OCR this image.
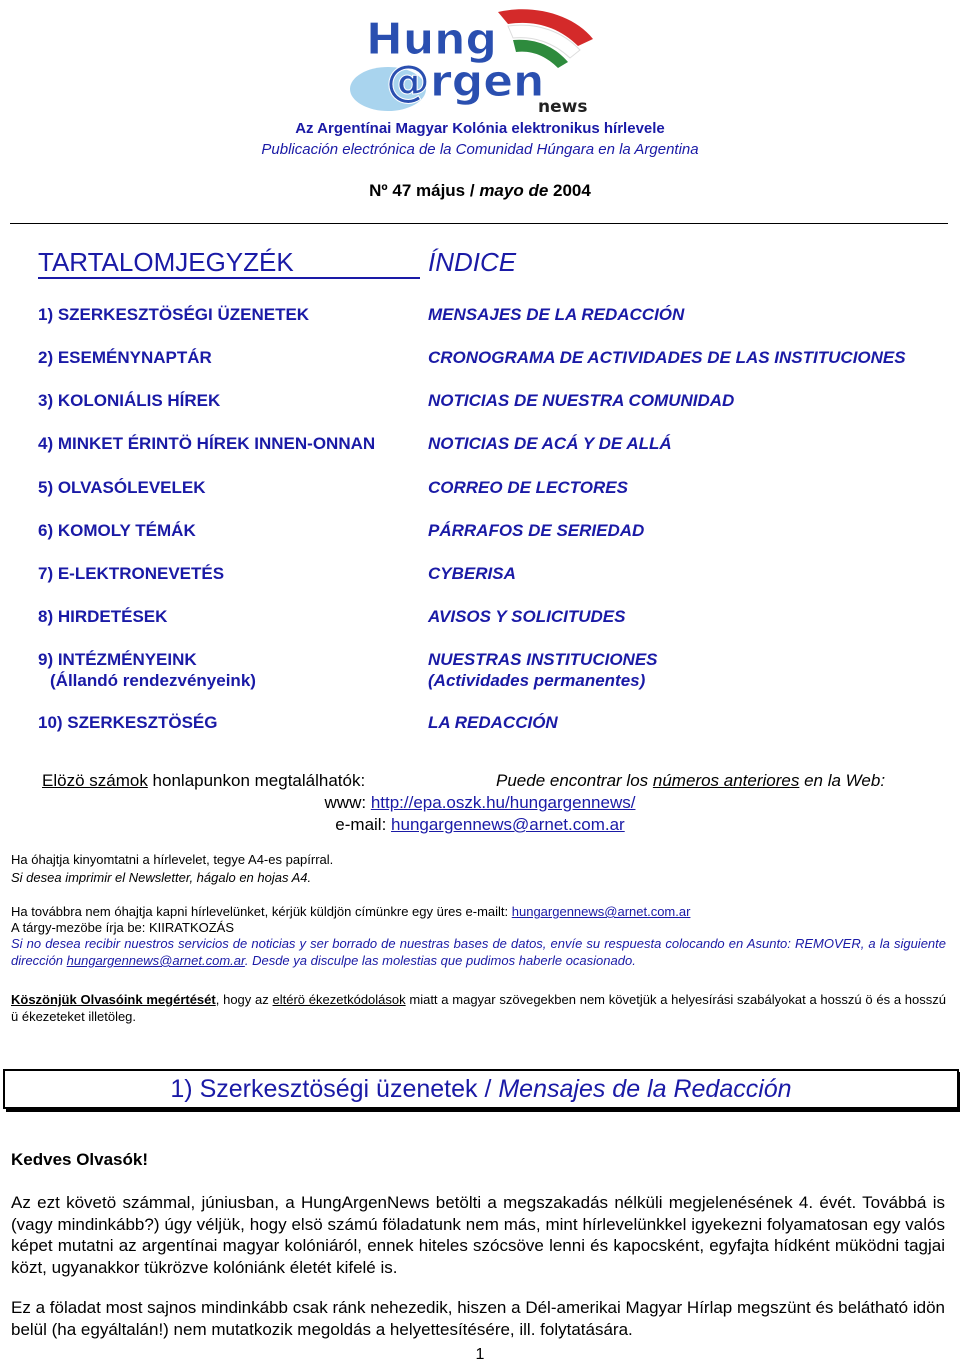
Hung
@rgen
news
Az Argentínai Magyar Kolónia elektronikus hírlevele
Publicación electrónica de la Comunidad Húngara en la Argentina
Nº 47 május / mayo de 2004
TARTALOMJEGYZÉK	ÍNDICE
1) SZERKESZTÖSÉGI ÜZENETEK	MENSAJES DE LA REDACCIÓN
2) ESEMÉNYNAPTÁR	CRONOGRAMA DE ACTIVIDADES DE LAS INSTITUCIONES
3) KOLONIÁLIS HÍREK	NOTICIAS DE NUESTRA COMUNIDAD
4) MINKET ÉRINTÖ HÍREK INNEN-ONNAN	NOTICIAS DE ACÁ Y DE ALLÁ
5) OLVASÓLEVELEK	CORREO DE LECTORES
6) KOMOLY TÉMÁK	PÁRRAFOS DE SERIEDAD
7) E-LEKTRONEVETÉS	CYBERISA
8) HIRDETÉSEK	AVISOS Y SOLICITUDES
9) INTÉZMÉNYEINK	NUESTRAS INSTITUCIONES
(Állandó rendezvényeink)	(Actividades permanentes)
10) SZERKESZTÖSÉG	LA REDACCIÓN
Elözö számok honlapunkon megtalálhatók:	Puede encontrar los números anteriores en la Web:
www: http://epa.oszk.hu/hungargennews/
e-mail: hungargennews@arnet.com.ar
Ha óhajtja kinyomtatni a hírlevelet, tegye A4-es papírral.
Si desea imprimir el Newsletter, hágalo en hojas A4.
Ha továbbra nem óhajtja kapni hírlevelünket, kérjük küldjön címünkre egy üres e-mailt: hungargennews@arnet.com.ar
A tárgy-mezöbe írja be: KIIRATKOZÁS
Si no desea recibir nuestros servicios de noticias y ser borrado de nuestras bases de datos, envíe su respuesta colocando en Asunto: REMOVER, a la siguiente dirección hungargennews@arnet.com.ar. Desde ya disculpe las molestias que pudimos haberle ocasionado.
Köszönjük Olvasóink megértését, hogy az eltérö ékezetkódolások miatt a magyar szövegekben nem követjük a helyesírási szabályokat a hosszú ö és a hosszú ü ékezeteket illetöleg.
1) Szerkesztöségi üzenetek / Mensajes de la Redacción
Kedves Olvasók!
Az ezt követö számmal, júniusban, a HungArgenNews betölti a megszakadás nélküli megjelenésének 4. évét. Továbbá is (vagy mindinkább?) úgy véljük, hogy elsö számú föladatunk nem más, mint hírlevelünkkel igyekezni folyamatosan egy valós képet mutatni az argentínai magyar kolóniáról, ennek hiteles szócsöve lenni és kapocsként, egyfajta hídként müködni tagjai közt, ugyanakkor tükrözve kolóniánk életét kifelé is.
Ez a föladat most sajnos mindinkább csak ránk nehezedik, hiszen a Dél-amerikai Magyar Hírlap megszünt és belátható idön belül (ha egyáltalán!) nem mutatkozik megoldás a helyettesítésére, ill. folytatására.
1
